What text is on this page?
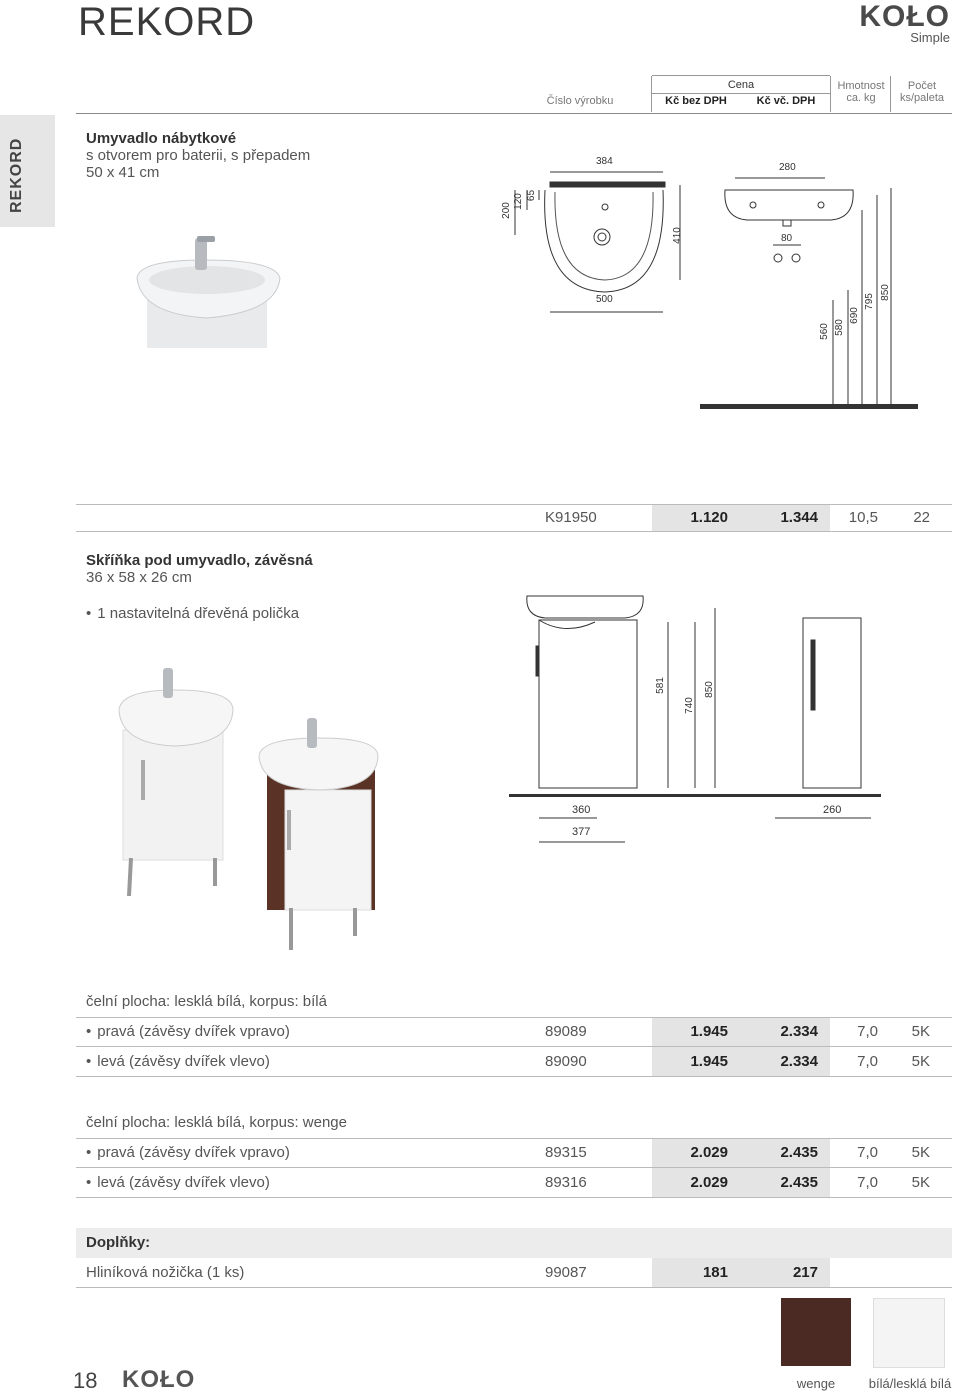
REKORD	KOŁO
Simple
Číslo výrobku
Cena
Kč bez DPH	Kč vč. DPH
Hmotnost
ca. kg
Počet
ks/paleta
REKORD	Umyvadlo nábytkové
s otvorem pro baterii, s přepadem
50 x 41 cm
384
280
200
120 65
410
500
80
560 580
690
795
850
K91950	1.120	1.344	10,5	22
Skříňka pod umyvadlo, závěsná
36 x 58 x 26 cm
• 1 nastavitelná dřevěná polička
581
740
850
360
377
260
čelní plocha: lesklá bílá, korpus: bílá
• pravá (závěsy dvířek vpravo)	89089	1.945	2.334	7,0	5K
• levá (závěsy dvířek vlevo)	89090	1.945	2.334	7,0	5K
čelní plocha: lesklá bílá, korpus: wenge
• pravá (závěsy dvířek vpravo)	89315	2.029	2.435	7,0	5K
• levá (závěsy dvířek vlevo)	89316	2.029	2.435	7,0	5K
Doplňky:
Hliníková nožička (1 ks)	99087	181	217
wenge	bílá/lesklá bílá
18 KOŁO
